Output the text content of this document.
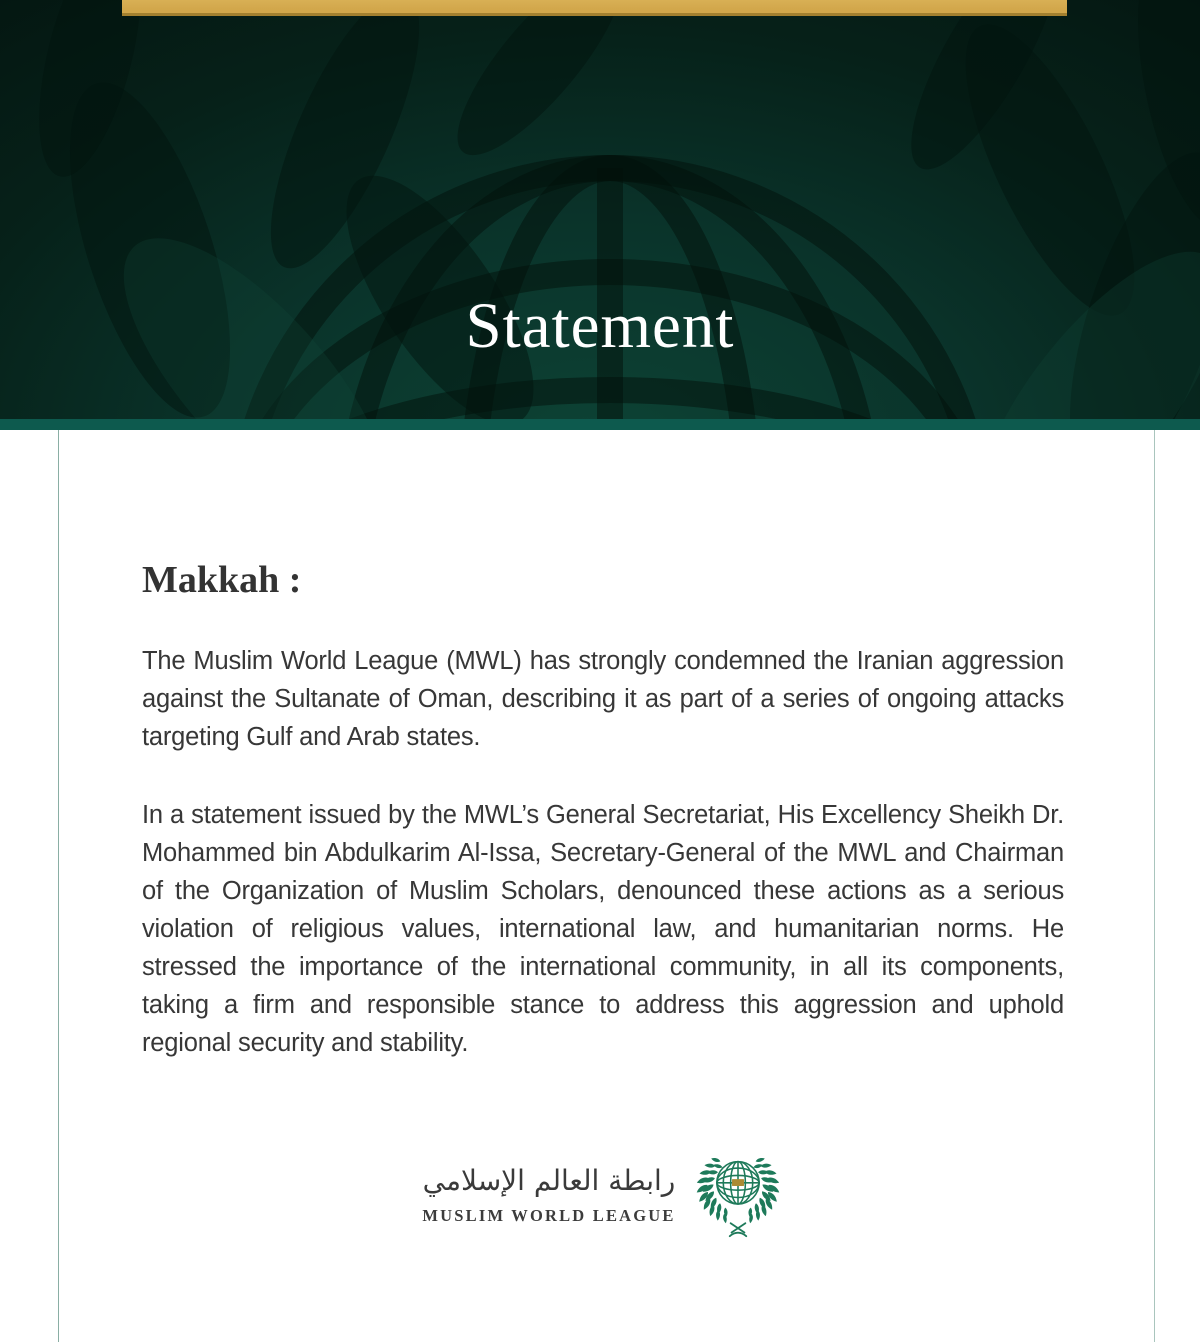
Statement
Makkah :

The Muslim World League (MWL) has strongly condemned the Iranian aggression against the Sultanate of Oman, describing it as part of a series of ongoing attacks targeting Gulf and Arab states.

In a statement issued by the MWL’s General Secretariat, His Excellency Sheikh Dr. Mohammed bin Abdulkarim Al-Issa, Secretary-General of the MWL and Chairman of the Organization of Muslim Scholars, denounced these actions as a serious violation of religious values, international law, and humanitarian norms. He stressed the importance of the international community, in all its components, taking a firm and responsible stance to address this aggression and uphold regional security and stability.

رابطة العالم الإسلامي
MUSLIM WORLD LEAGUE
